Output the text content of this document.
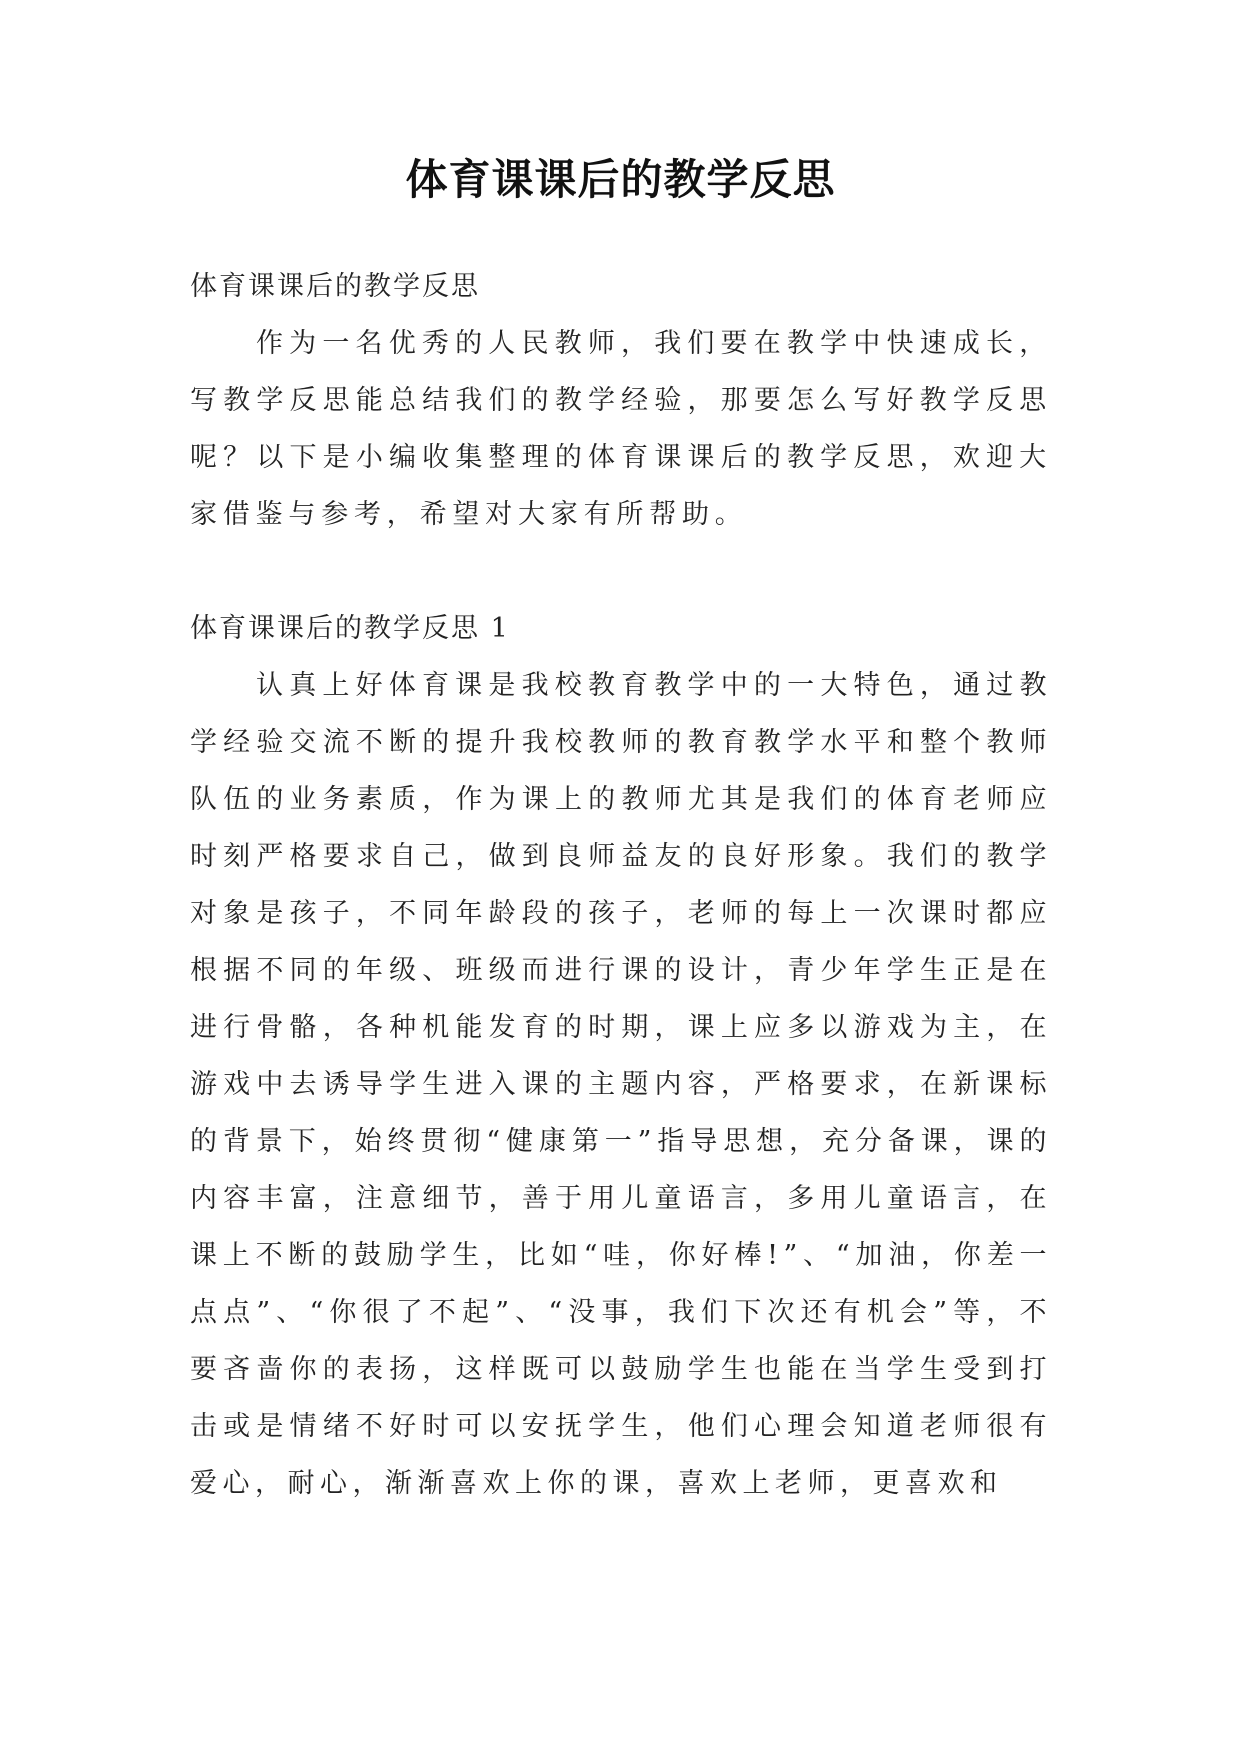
体育课课后的教学反思

体育课课后的教学反思

作为一名优秀的人民教师，我们要在教学中快速成长，写教学反思能总结我们的教学经验，那要怎么写好教学反思呢？以下是小编收集整理的体育课课后的教学反思，欢迎大家借鉴与参考，希望对大家有所帮助。

体育课课后的教学反思 1

认真上好体育课是我校教育教学中的一大特色，通过教学经验交流不断的提升我校教师的教育教学水平和整个教师队伍的业务素质，作为课上的教师尤其是我们的体育老师应时刻严格要求自己，做到良师益友的良好形象。我们的教学对象是孩子，不同年龄段的孩子，老师的每上一次课时都应根据不同的年级、班级而进行课的设计，青少年学生正是在进行骨骼，各种机能发育的时期，课上应多以游戏为主，在游戏中去诱导学生进入课的主题内容，严格要求，在新课标的背景下，始终贯彻“健康第一”指导思想，充分备课，课的内容丰富，注意细节，善于用儿童语言，多用儿童语言，在课上不断的鼓励学生，比如“哇，你好棒!”、“加油，你差一点点”、“你很了不起”、“没事，我们下次还有机会”等，不要吝啬你的表扬，这样既可以鼓励学生也能在当学生受到打击或是情绪不好时可以安抚学生，他们心理会知道老师很有爱心，耐心，渐渐喜欢上你的课，喜欢上老师，更喜欢和
